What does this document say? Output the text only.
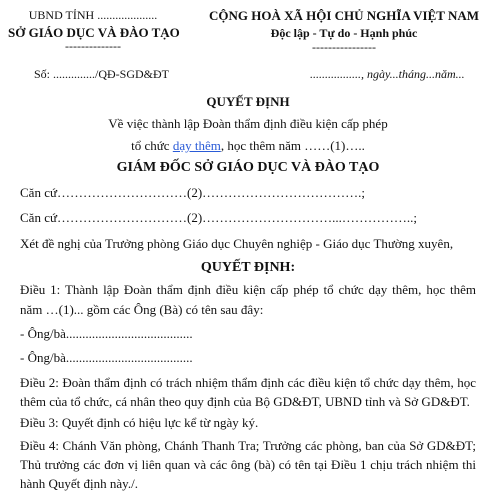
UBND TỈNH ....................
SỞ GIÁO DỤC VÀ ĐÀO TẠO
--------------
CỘNG HOÀ XÃ HỘI CHỦ NGHĨA VIỆT NAM
Độc lập - Tự do - Hạnh phúc
----------------
Số: ............../QĐ-SGD&ĐT	................., ngày...tháng...năm...
QUYẾT ĐỊNH
Về việc thành lập Đoàn thẩm định điều kiện cấp phép
tổ chức dạy thêm, học thêm năm ……(1)…..
GIÁM ĐỐC SỞ GIÁO DỤC VÀ ĐÀO TẠO
Căn cứ…………………………(2)……………………………….;
Căn cứ…………………………(2)…………………………...……………..;
Xét đề nghị của Trưởng phòng Giáo dục Chuyên nghiệp - Giáo dục Thường xuyên,
QUYẾT ĐỊNH:
Điều 1: Thành lập Đoàn thẩm định điều kiện cấp phép tổ chức dạy thêm, học thêm
năm …(1)... gồm các Ông (Bà) có tên sau đây:
- Ông/bà.......................................
- Ông/bà.......................................
Điều 2: Đoàn thẩm định có trách nhiệm thẩm định các điều kiện tổ chức dạy thêm, học
thêm của tổ chức, cá nhân theo quy định của Bộ GD&ĐT, UBND tỉnh và Sở GD&ĐT.
Điều 3: Quyết định có hiệu lực kể từ ngày ký.
Điều 4: Chánh Văn phòng, Chánh Thanh Tra; Trưởng các phòng, ban của Sở GD&ĐT;
Thủ trưởng các đơn vị liên quan và các ông (bà) có tên tại Điều 1 chịu trách nhiệm thi
hành Quyết định này./.
